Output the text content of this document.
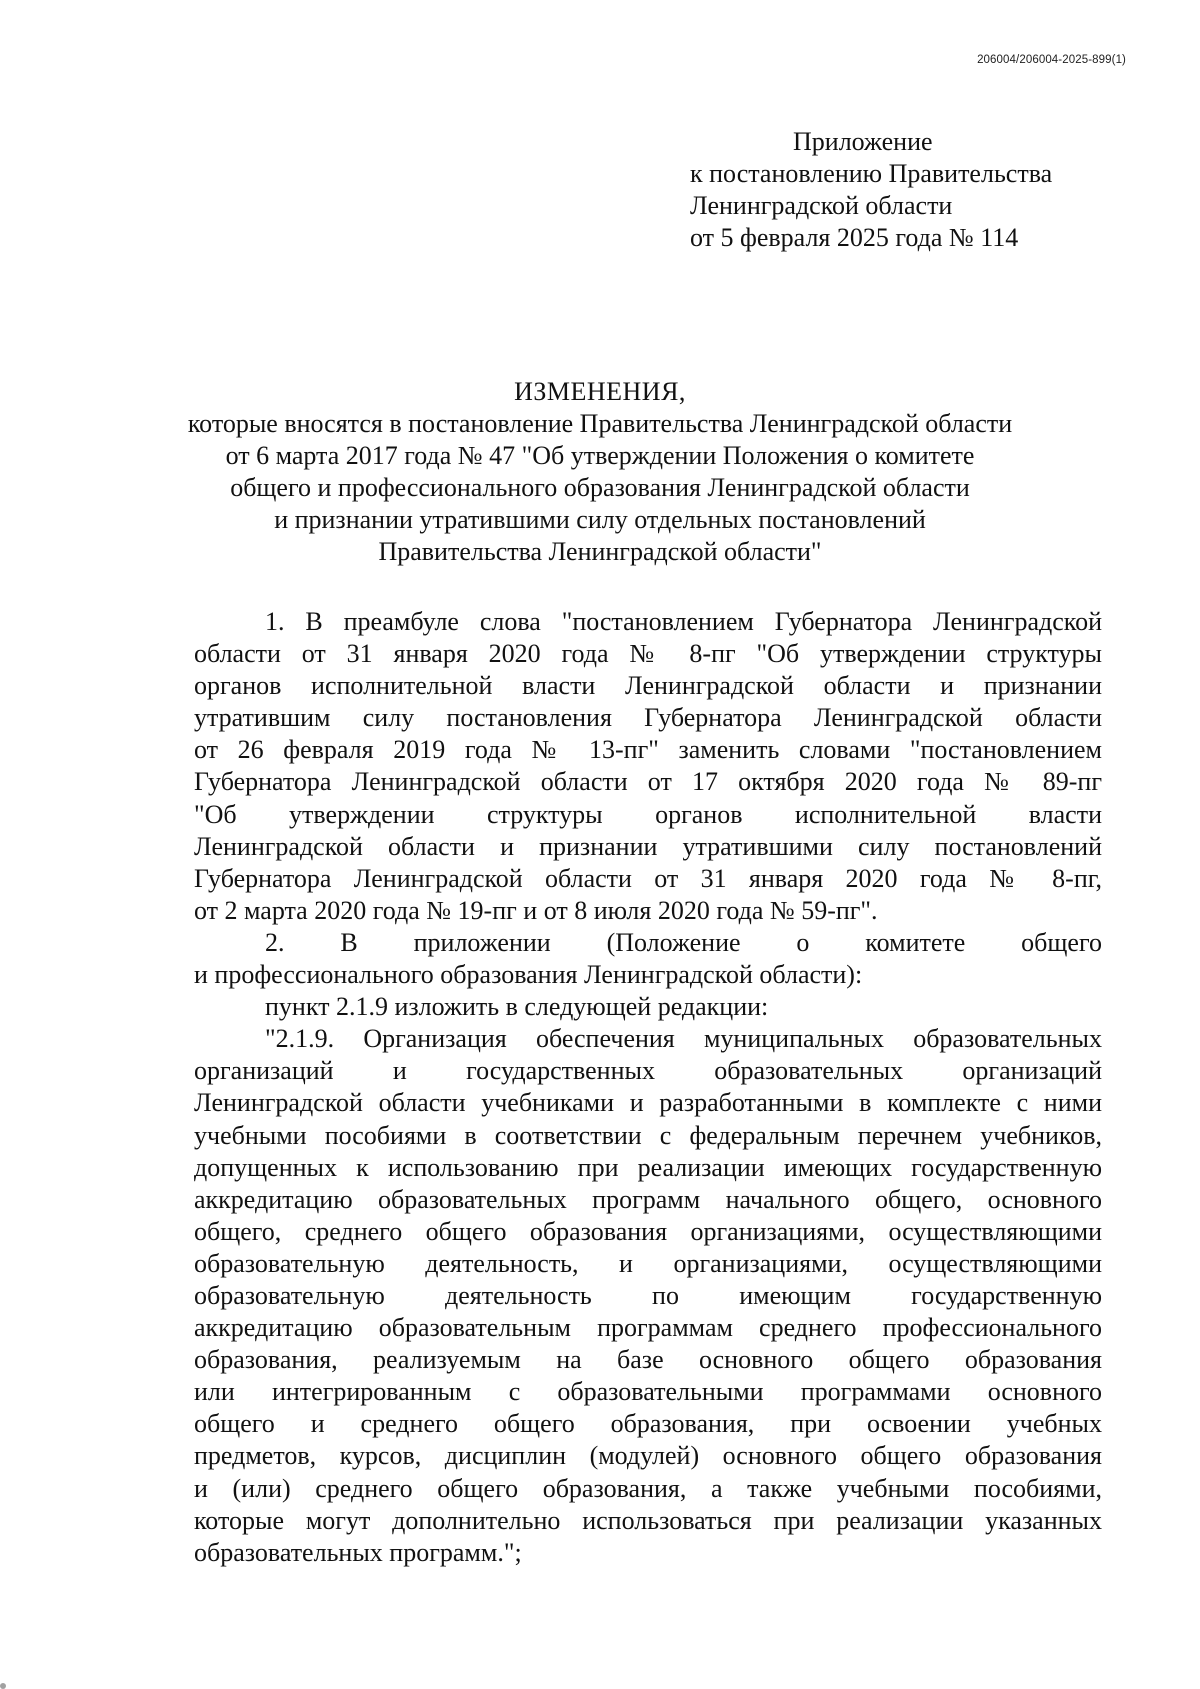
206004/206004-2025-899(1)
Приложение
к постановлению Правительства
Ленинградской области
от 5 февраля 2025 года № 114
ИЗМЕНЕНИЯ,
которые вносятся в постановление Правительства Ленинградской области
от 6 марта 2017 года № 47 "Об утверждении Положения о комитете
общего и профессионального образования Ленинградской области
и признании утратившими силу отдельных постановлений
Правительства Ленинградской области"
1. В преамбуле слова "постановлением Губернатора Ленинградской
области от 31 января 2020 года № 8-пг "Об утверждении структуры
органов исполнительной власти Ленинградской области и признании
утратившим силу постановления Губернатора Ленинградской области
от 26 февраля 2019 года № 13-пг" заменить словами "постановлением
Губернатора Ленинградской области от 17 октября 2020 года № 89-пг
"Об утверждении структуры органов исполнительной власти
Ленинградской области и признании утратившими силу постановлений
Губернатора Ленинградской области от 31 января 2020 года № 8-пг,
от 2 марта 2020 года № 19-пг и от 8 июля 2020 года № 59-пг".
2. В приложении (Положение о комитете общего
и профессионального образования Ленинградской области):
пункт 2.1.9 изложить в следующей редакции:
"2.1.9. Организация обеспечения муниципальных образовательных
организаций и государственных образовательных организаций
Ленинградской области учебниками и разработанными в комплекте с ними
учебными пособиями в соответствии с федеральным перечнем учебников,
допущенных к использованию при реализации имеющих государственную
аккредитацию образовательных программ начального общего, основного
общего, среднего общего образования организациями, осуществляющими
образовательную деятельность, и организациями, осуществляющими
образовательную деятельность по имеющим государственную
аккредитацию образовательным программам среднего профессионального
образования, реализуемым на базе основного общего образования
или интегрированным с образовательными программами основного
общего и среднего общего образования, при освоении учебных
предметов, курсов, дисциплин (модулей) основного общего образования
и (или) среднего общего образования, а также учебными пособиями,
которые могут дополнительно использоваться при реализации указанных
образовательных программ.";
